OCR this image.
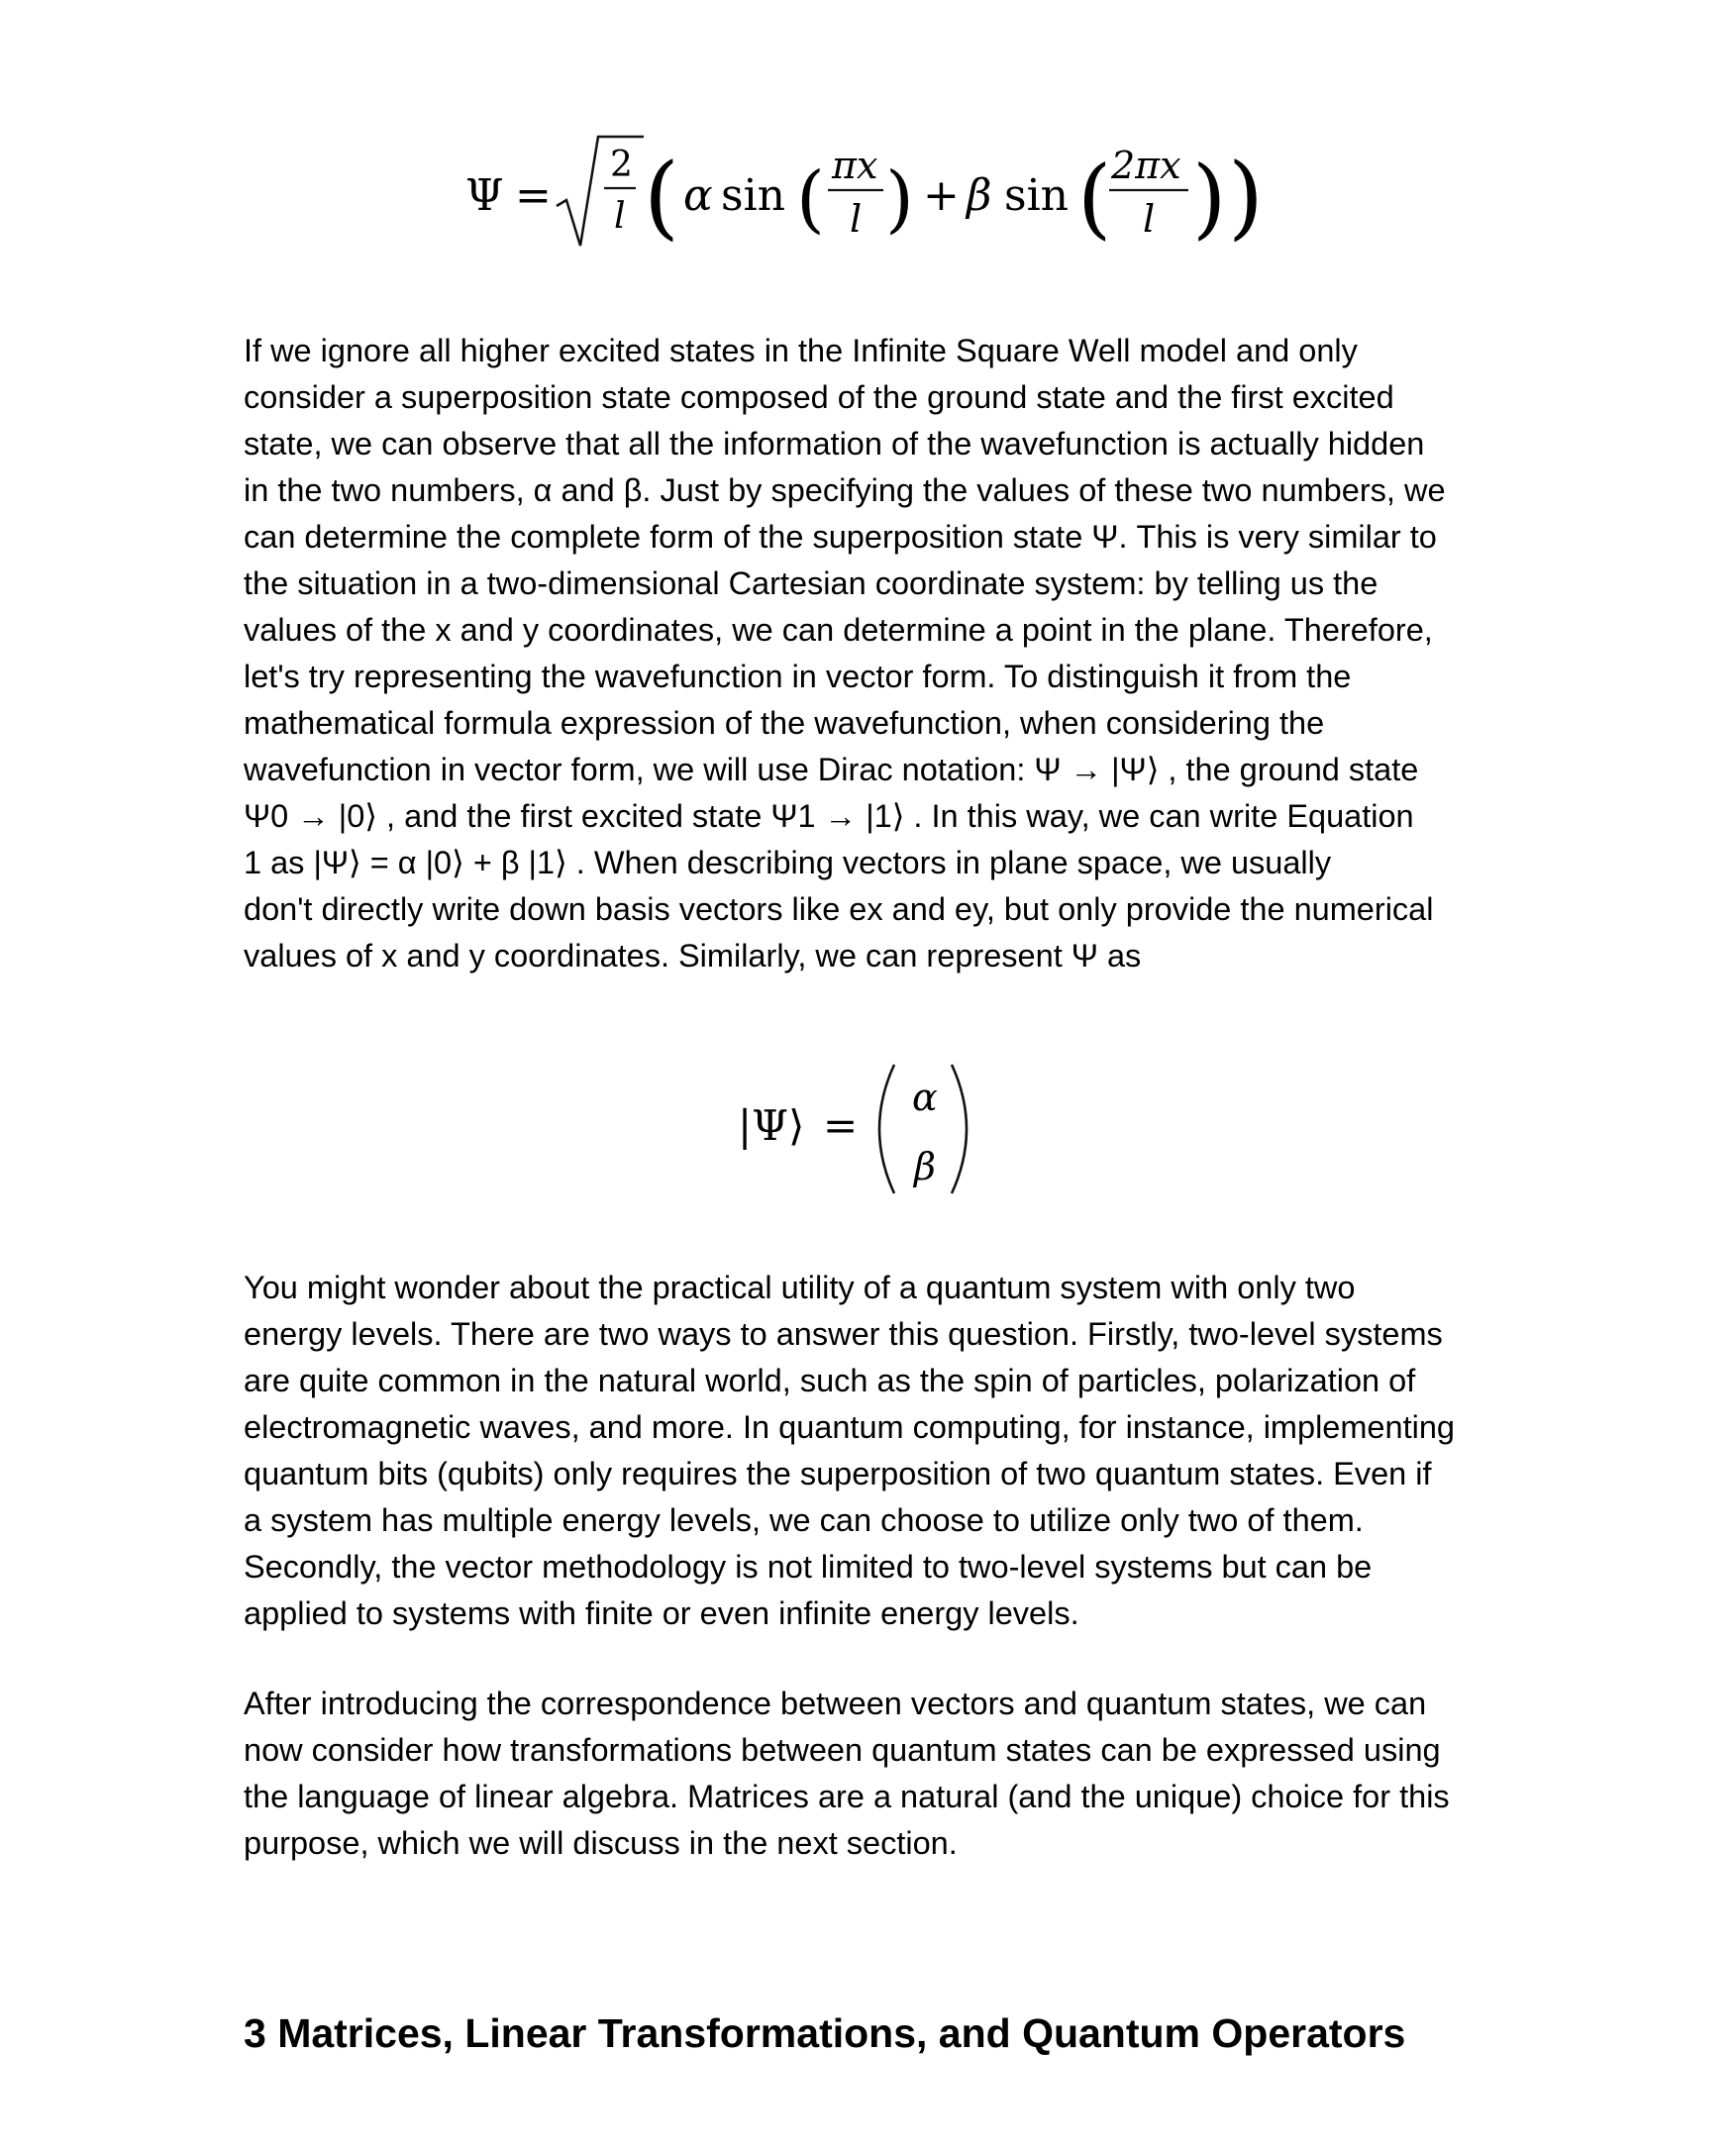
Ψ =
2
l ( α sin ( πx
l ) + β sin ( 2πx
l ) )

If we ignore all higher excited states in the Infinite Square Well model and only
consider a superposition state composed of the ground state and the first excited
state, we can observe that all the information of the wavefunction is actually hidden
in the two numbers, α and β. Just by specifying the values of these two numbers, we
can determine the complete form of the superposition state Ψ. This is very similar to
the situation in a two-dimensional Cartesian coordinate system: by telling us the
values of the x and y coordinates, we can determine a point in the plane. Therefore,
let's try representing the wavefunction in vector form. To distinguish it from the
mathematical formula expression of the wavefunction, when considering the
wavefunction in vector form, we will use Dirac notation: Ψ → |Ψ⟩ , the ground state
Ψ0 → |0⟩ , and the first excited state Ψ1 → |1⟩ . In this way, we can write Equation
1 as |Ψ⟩ = α |0⟩ + β |1⟩ . When describing vectors in plane space, we usually
don't directly write down basis vectors like ex and ey, but only provide the numerical
values of x and y coordinates. Similarly, we can represent Ψ as

|Ψ⟩ =
α
β

You might wonder about the practical utility of a quantum system with only two
energy levels. There are two ways to answer this question. Firstly, two-level systems
are quite common in the natural world, such as the spin of particles, polarization of
electromagnetic waves, and more. In quantum computing, for instance, implementing
quantum bits (qubits) only requires the superposition of two quantum states. Even if
a system has multiple energy levels, we can choose to utilize only two of them.
Secondly, the vector methodology is not limited to two-level systems but can be
applied to systems with finite or even infinite energy levels.

After introducing the correspondence between vectors and quantum states, we can
now consider how transformations between quantum states can be expressed using
the language of linear algebra. Matrices are a natural (and the unique) choice for this
purpose, which we will discuss in the next section.

3 Matrices, Linear Transformations, and Quantum Operators
